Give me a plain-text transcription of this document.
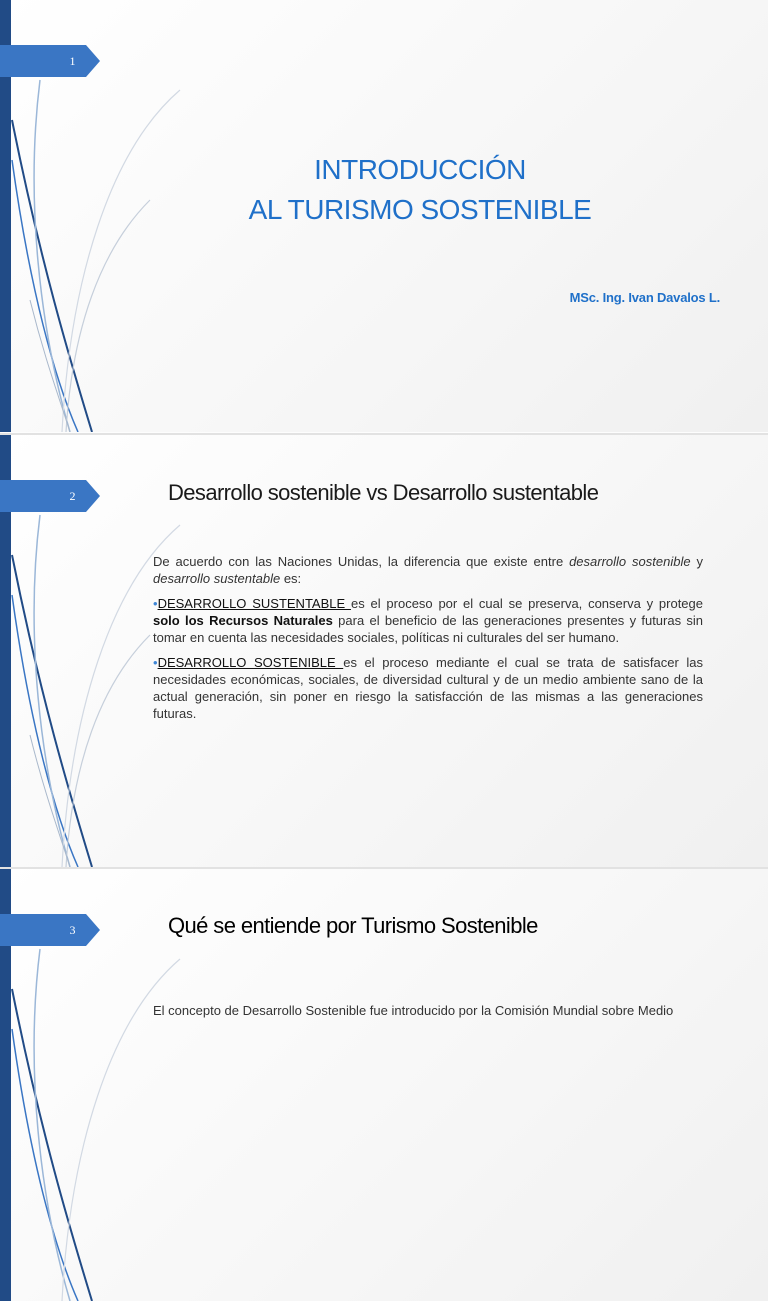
1
INTRODUCCIÓN
AL TURISMO SOSTENIBLE
MSc. Ing. Ivan Davalos L.
2	Desarrollo sostenible vs Desarrollo sustentable

De acuerdo con las Naciones Unidas, la diferencia que existe entre desarrollo sostenible y desarrollo sustentable es:

•DESARROLLO SUSTENTABLE es el proceso por el cual se preserva, conserva y protege solo los Recursos Naturales para el beneficio de las generaciones presentes y futuras sin tomar en cuenta las necesidades sociales, políticas ni culturales del ser humano.

•DESARROLLO SOSTENIBLE es el proceso mediante el cual se trata de satisfacer las necesidades económicas, sociales, de diversidad cultural y de un medio ambiente sano de la actual generación, sin poner en riesgo la satisfacción de las mismas a las generaciones futuras.

3	Qué se entiende por Turismo Sostenible
El concepto de Desarrollo Sostenible fue introducido por la Comisión Mundial sobre Medio
